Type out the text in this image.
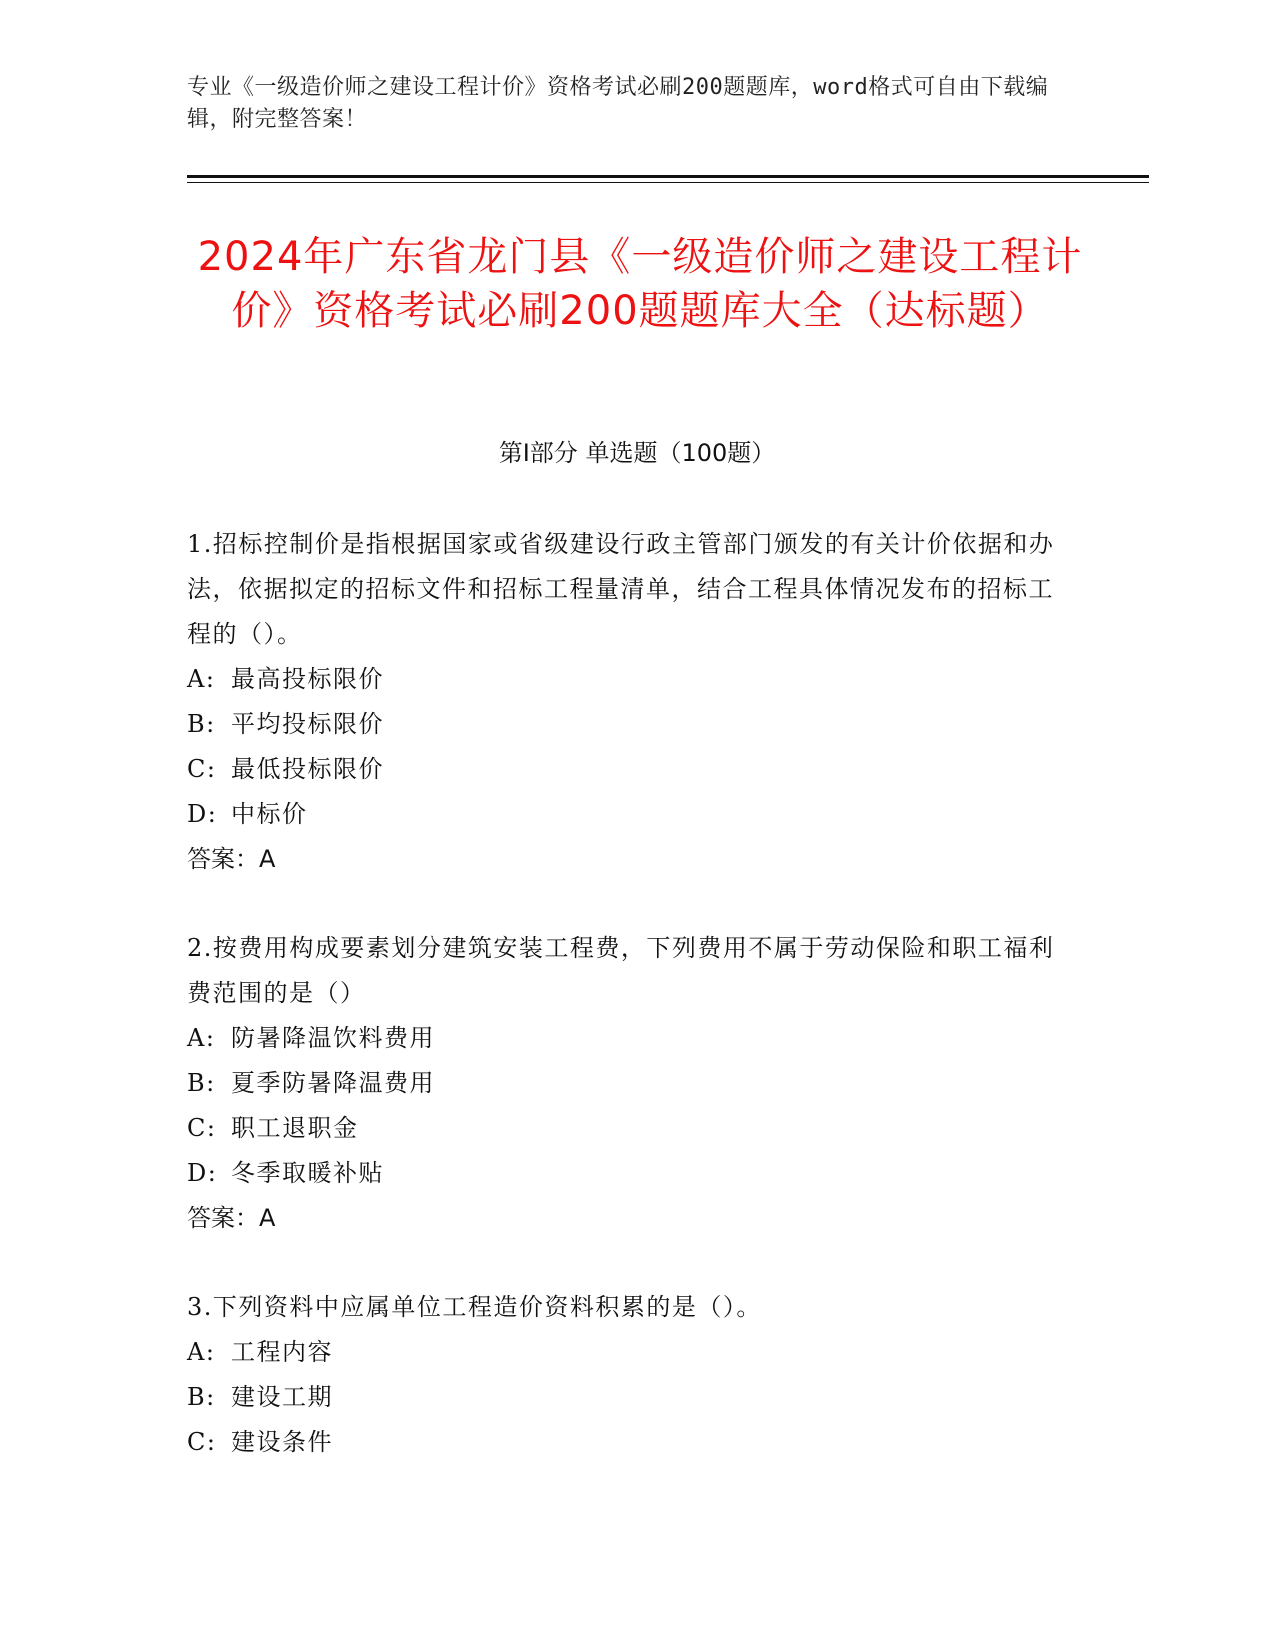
专业《一级造价师之建设工程计价》资格考试必刷200题题库，word格式可自由下载编辑，附完整答案！
2024年广东省龙门县《一级造价师之建设工程计价》资格考试必刷200题题库大全（达标题）
第I部分 单选题（100题）

1.招标控制价是指根据国家或省级建设行政主管部门颁发的有关计价依据和办法，依据拟定的招标文件和招标工程量清单，结合工程具体情况发布的招标工程的（）。

A: 最高投标限价

B: 平均投标限价

C: 最低投标限价

D: 中标价

答案：A

2.按费用构成要素划分建筑安装工程费，下列费用不属于劳动保险和职工福利费范围的是（）

A: 防暑降温饮料费用

B: 夏季防暑降温费用

C: 职工退职金

D: 冬季取暖补贴

答案：A

3.下列资料中应属单位工程造价资料积累的是（）。

A: 工程内容

B: 建设工期

C: 建设条件
